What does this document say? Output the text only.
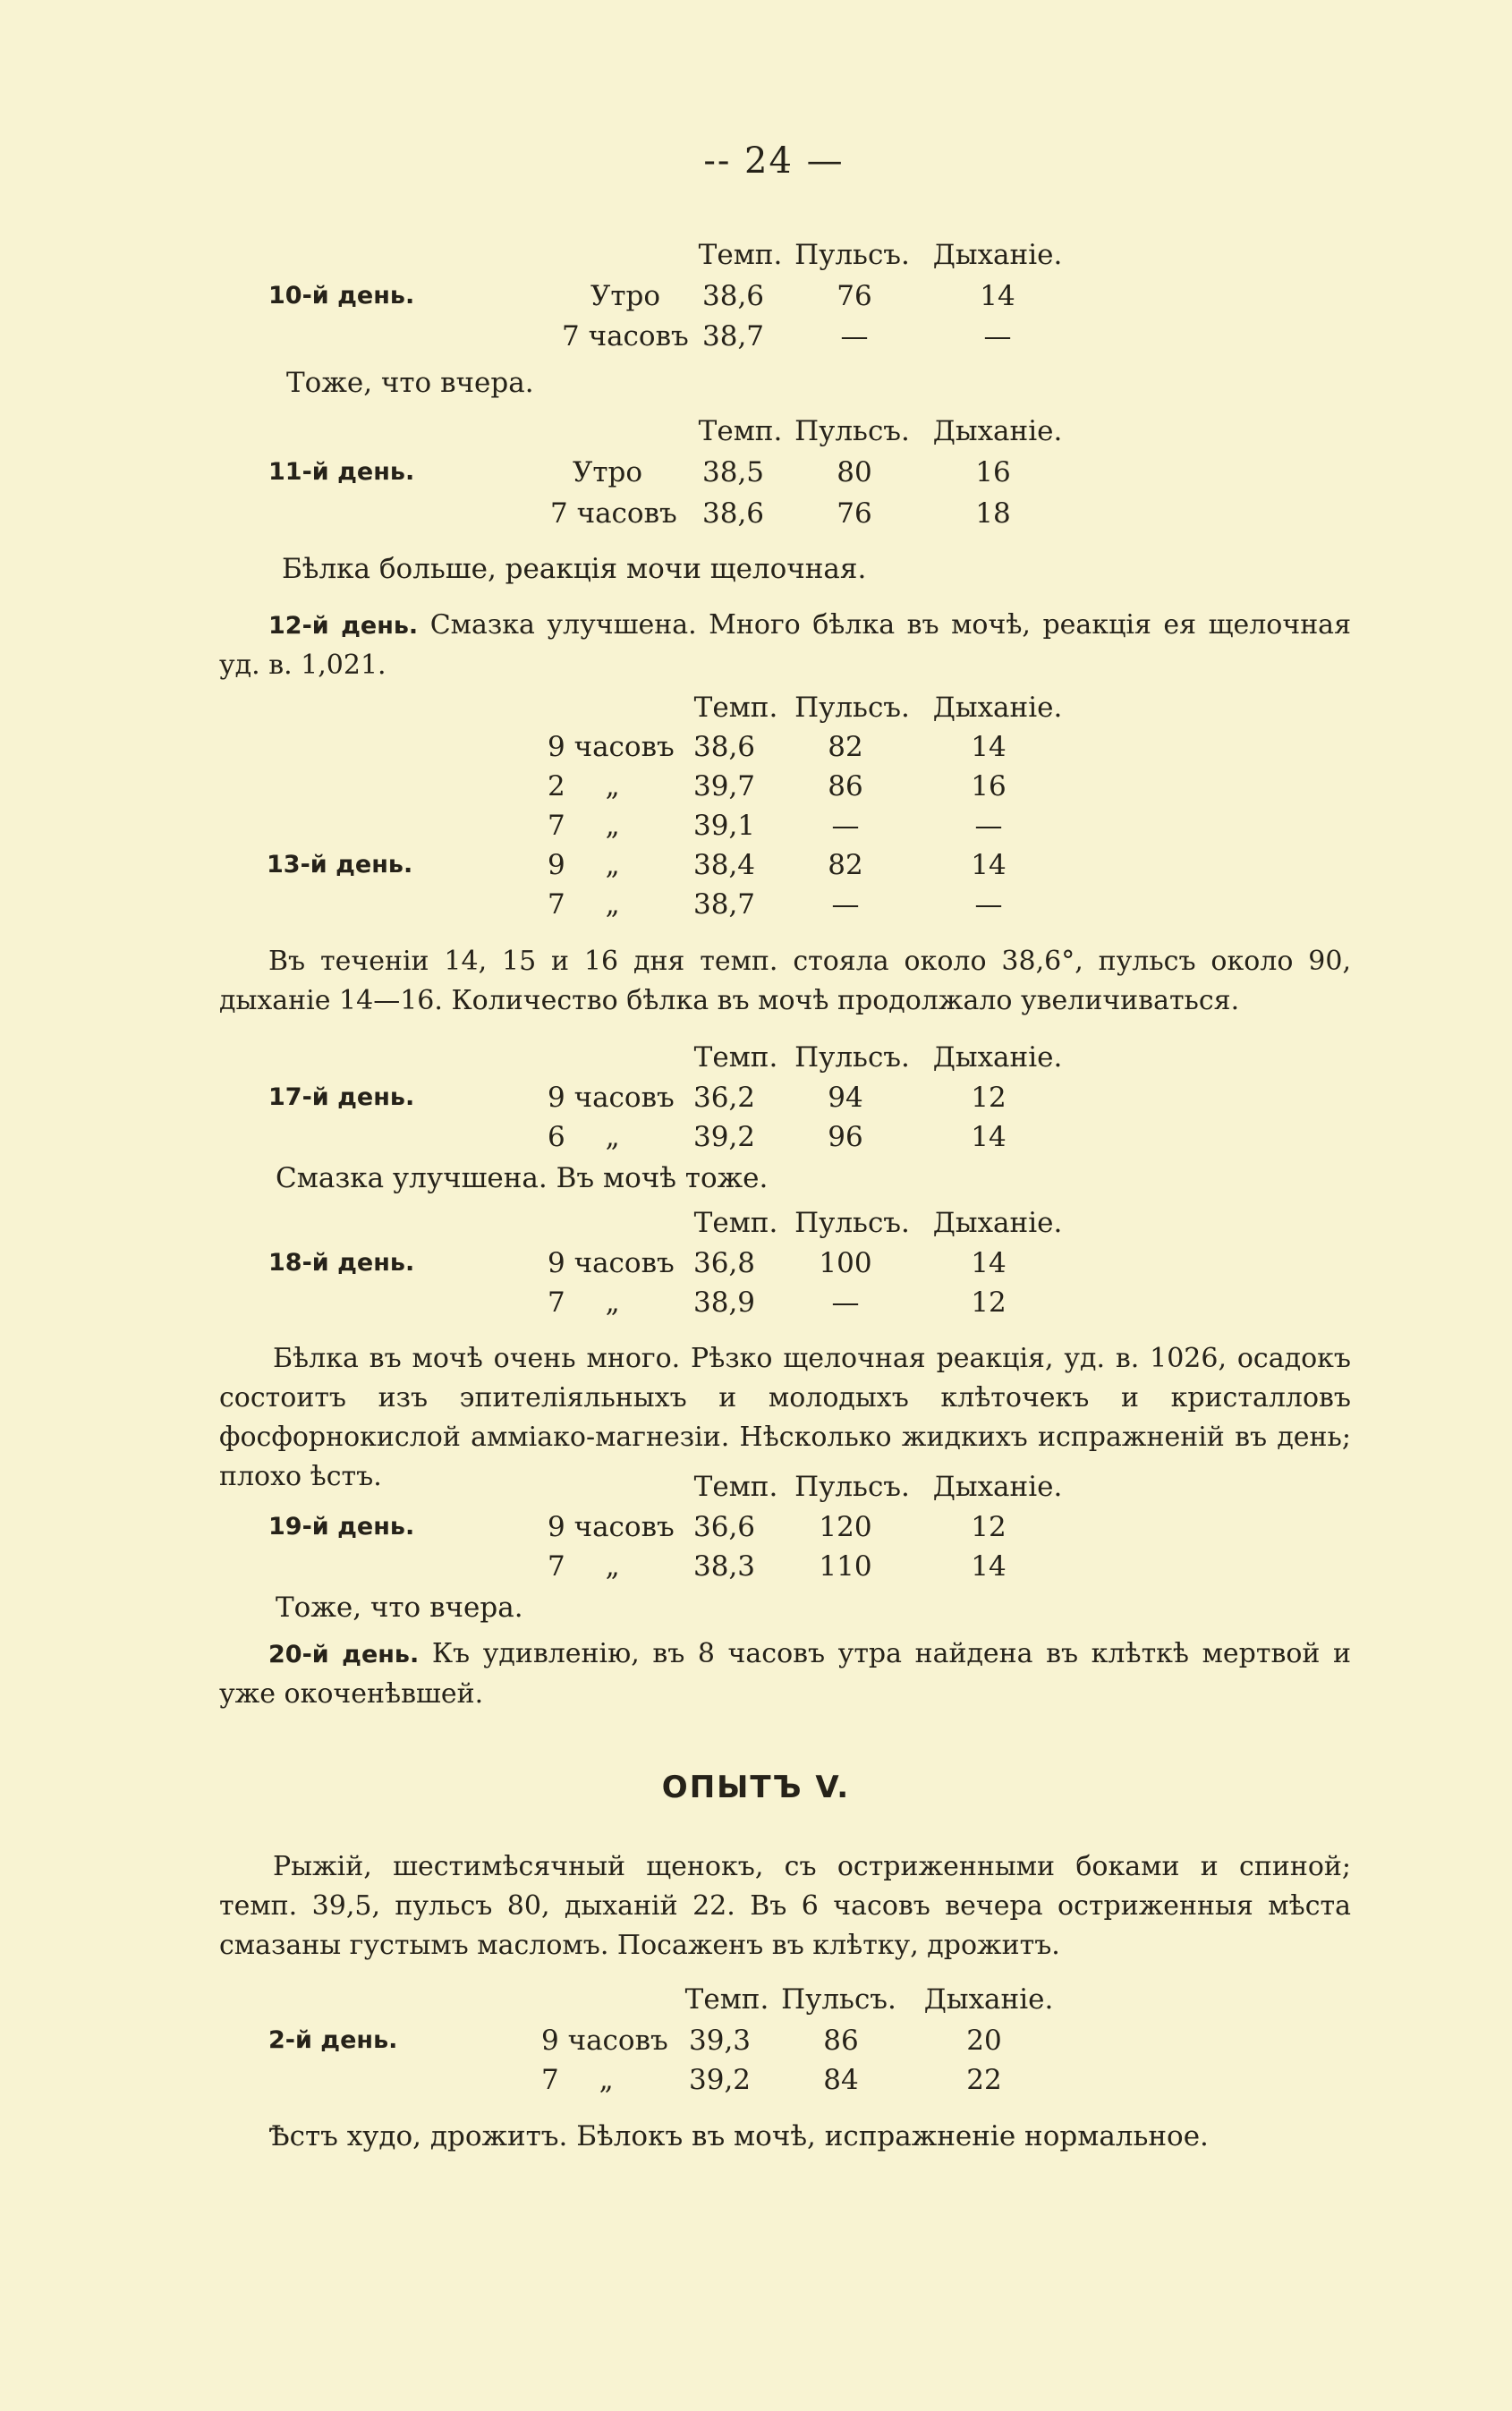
-- 24 —
Темп. Пульсъ. Дыханіе.
10-й день.	Утро 38,6	76	14
7 часовъ 38,7	—	—
Тоже, что вчера.
Темп. Пульсъ. Дыханіе.
11-й день.	Утро 38,5	80	16
7 часовъ 38,6	76	18
Бѣлка больше, реакція мочи щелочная.
12-й день. Смазка улучшена. Много бѣлка въ мочѣ, реакція ея щелочная уд. в. 1,021.
Темп. Пульсъ. Дыханіе.
9 часовъ 38,6	82	14
2 „	39,7	86	16
7 „	39,1	—	—
13-й день.	9 „	38,4	82	14
7 „	38,7	—	—
Въ теченіи 14, 15 и 16 дня темп. стояла около 38,6°, пульсъ около 90, дыханіе 14—16. Количество бѣлка въ мочѣ продолжало увеличиваться.
Темп. Пульсъ. Дыханіе.
17-й день.	9 часовъ 36,2	94	12
6 „	39,2	96	14
Смазка улучшена. Въ мочѣ тоже.
Темп. Пульсъ. Дыханіе.
18-й день.	9 часовъ 36,8	100	14
7 „	38,9	—	12
Бѣлка въ мочѣ очень много. Рѣзко щелочная реакція, уд. в. 1026, осадокъ состоитъ изъ эпителіяльныхъ и молодыхъ клѣточекъ и кристалловъ фосфорнокислой амміако-магнезіи. Нѣсколько жидкихъ испражненій въ день; плохо ѣстъ.	Темп. Пульсъ. Дыханіе.
19-й день.	9 часовъ 36,6	120	12
7 „	38,3	110	14
Тоже, что вчера.
20-й день. Къ удивленію, въ 8 часовъ утра найдена въ клѣткѣ мертвой и уже окоченѣвшей.
ОПЫТЪ V.
Рыжій, шестимѣсячный щенокъ, съ остриженными боками и спиной; темп. 39,5, пульсъ 80, дыханій 22. Въ 6 часовъ вечера остриженныя мѣста смазаны густымъ масломъ. Посаженъ въ клѣтку, дрожитъ.
Темп. Пульсъ. Дыханіе.
2-й день.	9 часовъ 39,3	86	20
7 „	39,2	84	22
Ѣстъ худо, дрожитъ. Бѣлокъ въ мочѣ, испражненіе нормальное.
